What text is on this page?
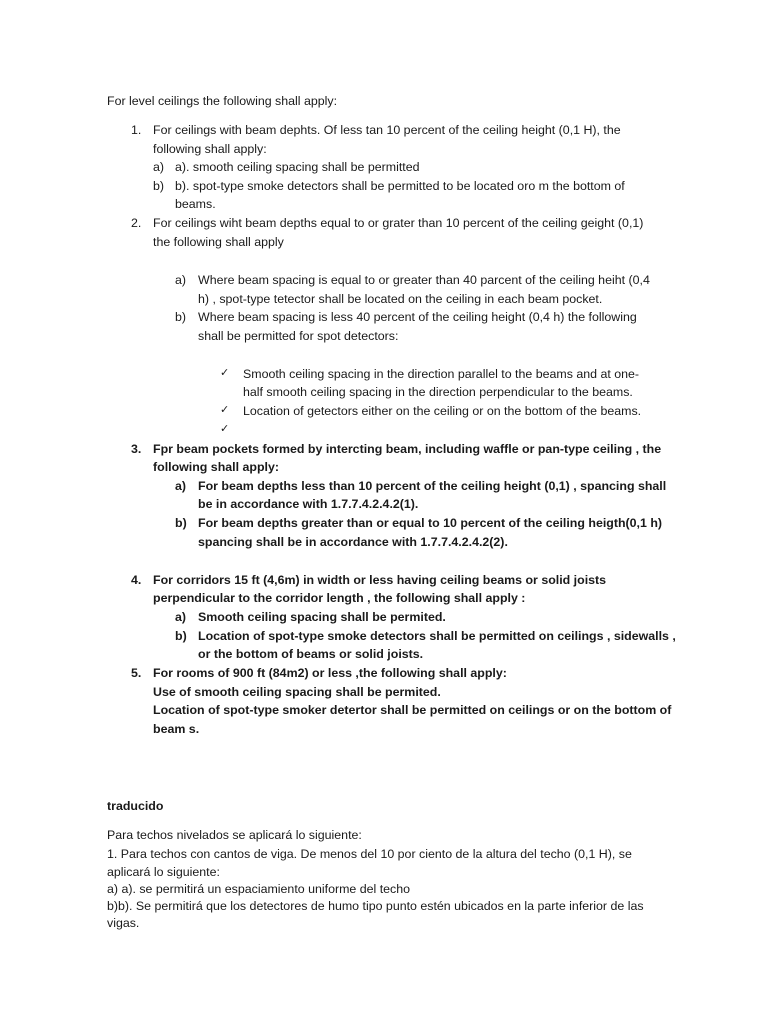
For level ceilings the following shall apply:
1. For ceilings with beam dephts. Of less tan 10 percent of the ceiling height (0,1 H), the
following shall apply:
a) a). smooth ceiling spacing shall be permitted
b) b). spot-type smoke detectors shall be permitted to be located oro m the bottom of
beams.
2. For ceilings wiht beam depths equal to or grater than 10 percent of the ceiling geight (0,1)
the following shall apply
a) Where beam spacing is equal to or greater than 40 parcent of the ceiling heiht (0,4
h) , spot-type tetector shall be located on the ceiling in each beam pocket.
b) Where beam spacing is less 40 percent of the ceiling height (0,4 h) the following
shall be permitted for spot detectors:
✓ Smooth ceiling spacing in the direction parallel to the beams and at one-
half smooth ceiling spacing in the direction perpendicular to the beams.
✓ Location of getectors either on the ceiling or on the bottom of the beams.
✓
3. Fpr beam pockets formed by intercting beam, including waffle or pan-type ceiling , the
following shall apply:
a) For beam depths less than 10 percent of the ceiling height (0,1) , spancing shall
be in accordance with 1.7.7.4.2.4.2(1).
b) For beam depths greater than or equal to 10 percent of the ceiling heigth(0,1 h)
spancing shall be in accordance with 1.7.7.4.2.4.2(2).
4. For corridors 15 ft (4,6m) in width or less having ceiling beams or solid joists
perpendicular to the corridor length , the following shall apply :
a) Smooth ceiling spacing shall be permited.
b) Location of spot-type smoke detectors shall be permitted on ceilings , sidewalls ,
or the bottom of beams or solid joists.
5. For rooms of 900 ft (84m2) or less ,the following shall apply:
Use of smooth ceiling spacing shall be permited.
Location of spot-type smoker detertor shall be permitted on ceilings or on the bottom of
beam s.
traducido
Para techos nivelados se aplicará lo siguiente:
1. Para techos con cantos de viga. De menos del 10 por ciento de la altura del techo (0,1 H), se
aplicará lo siguiente:
a) a). se permitirá un espaciamiento uniforme del techo
b)b). Se permitirá que los detectores de humo tipo punto estén ubicados en la parte inferior de las
vigas.
